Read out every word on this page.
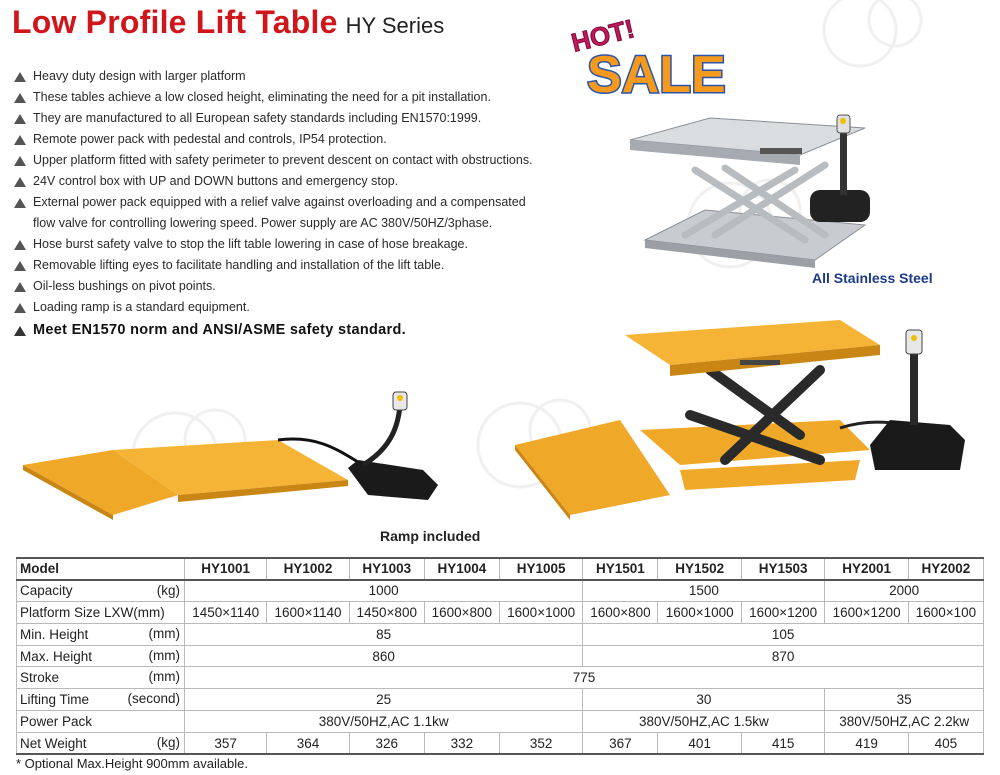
Low Profile Lift Table HY Series	HOT!
SALE
Heavy duty design with larger platform
These tables achieve a low closed height, eliminating the need for a pit installation.
They are manufactured to all European safety standards including EN1570:1999.
Remote power pack with pedestal and controls, IP54 protection.
Upper platform fitted with safety perimeter to prevent descent on contact with obstructions.
24V control box with UP and DOWN buttons and emergency stop.
External power pack equipped with a relief valve against overloading and a compensated
flow valve for controlling lowering speed. Power supply are AC 380V/50HZ/3phase.
Hose burst safety valve to stop the lift table lowering in case of hose breakage.
Removable lifting eyes to facilitate handling and installation of the lift table.
Oil-less bushings on pivot points.
Loading ramp is a standard equipment.
Meet EN1570 norm and ANSI/ASME safety standard.
All Stainless Steel
Ramp included
Model	HY1001	HY1002	HY1003	HY1004	HY1005	HY1501	HY1502	HY1503	HY2001	HY2002
Capacity (kg)	1000					1500			2000	
Platform Size LXW(mm)	1450×1140	1600×1140	1450×800	1600×800	1600×1000	1600×800	1600×1000	1600×1200	1600×1200	1600×100
Min. Height (mm)	85					105				
Max. Height (mm)	860					870				
Stroke (mm)	775									
Lifting Time (second)	25					30			35	
Power Pack	380V/50HZ,AC 1.1kw					380V/50HZ,AC 1.5kw			380V/50HZ,AC 2.2kw	
Net Weight (kg)	357	364	326	332	352	367	401	415	419	405
* Optional Max.Height 900mm available.
